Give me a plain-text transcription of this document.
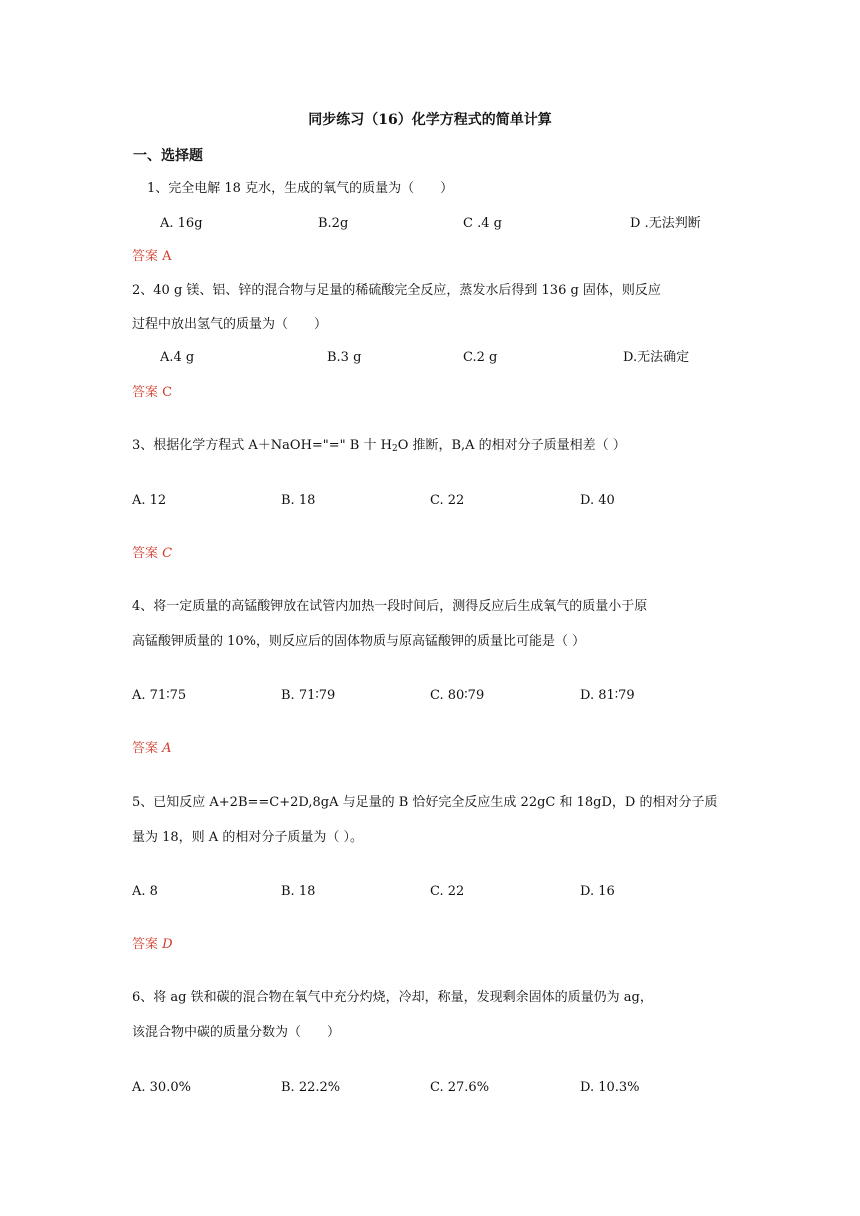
同步练习（16）化学方程式的简单计算
一、选择题
1、完全电解 18 克水，生成的氧气的质量为（　　）
A. 16g	B.2g	C .4 g	D .无法判断
答案 A
2、40 g 镁、铝、锌的混合物与足量的稀硫酸完全反应，蒸发水后得到 136 g 固体，则反应
过程中放出氢气的质量为（　　）
A.4 g	B.3 g	C.2 g	D.无法确定
答案 C
3、根据化学方程式 A＋NaOH="=" B 十 $H_2O$ 推断，B,A 的相对分子质量相差（ ）
A. 12	B. 18	C. 22	D. 40
答案 C
4、将一定质量的高锰酸钾放在试管内加热一段时间后，测得反应后生成氧气的质量小于原
高锰酸钾质量的 10%，则反应后的固体物质与原高锰酸钾的质量比可能是（ ）
A. 71∶75	B. 71∶79	C. 80∶79	D. 81∶79
答案 A
5、已知反应 A+2B==C+2D,8gA 与足量的 B 恰好完全反应生成 22gC 和 18gD，D 的相对分子质
量为 18，则 A 的相对分子质量为（ ）。
A. 8	B. 18	C. 22	D. 16
答案 D
6、将 ag 铁和碳的混合物在氧气中充分灼烧，冷却，称量，发现剩余固体的质量仍为 ag，
该混合物中碳的质量分数为（　　）
A. 30.0%	B. 22.2%	C. 27.6%	D. 10.3%
